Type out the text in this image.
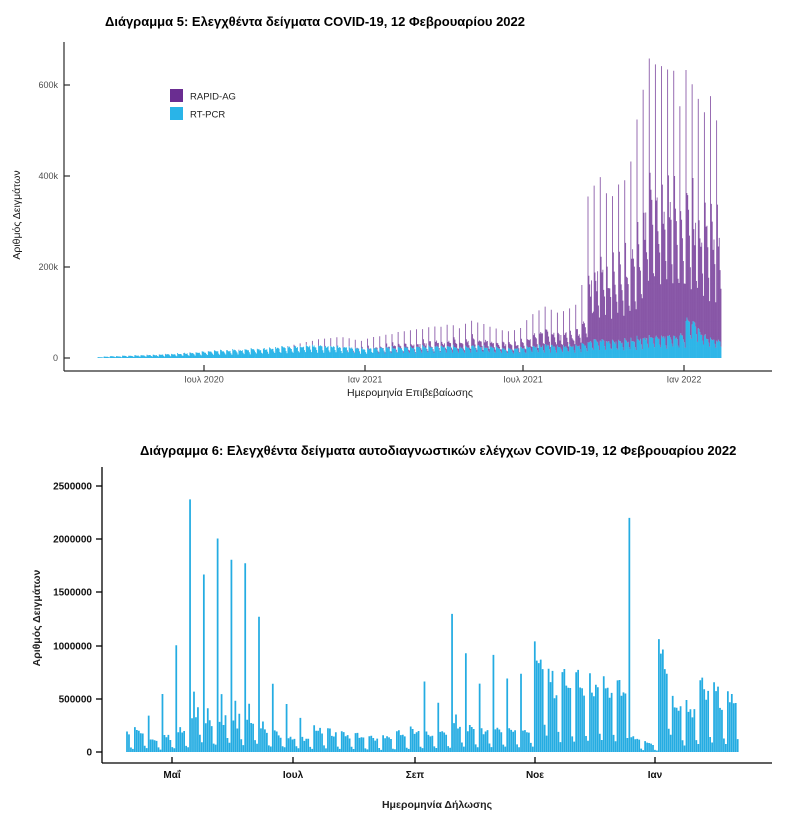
Διάγραμμα 5: Ελεγχθέντα δείγματα COVID-19, 12 Φεβρουαρίου 2022
RAPID-AG
RT-PCR
0
200k
400k
600k
Αριθμός Δειγμάτων
Ιουλ 2020	Ιαν 2021	Ιουλ 2021	Ιαν 2022
Ημερομηνία Επιβεβαίωσης
Διάγραμμα 6: Ελεγχθέντα δείγματα αυτοδιαγνωστικών ελέγχων COVID-19, 12 Φεβρουαρίου 2022
0
500000
1000000
1500000
2000000
2500000
Αριθμός Δειγμάτων
Μαΐ	Ιουλ	Σεπ	Νοε	Ιαν
Ημερομηνία Δήλωσης
